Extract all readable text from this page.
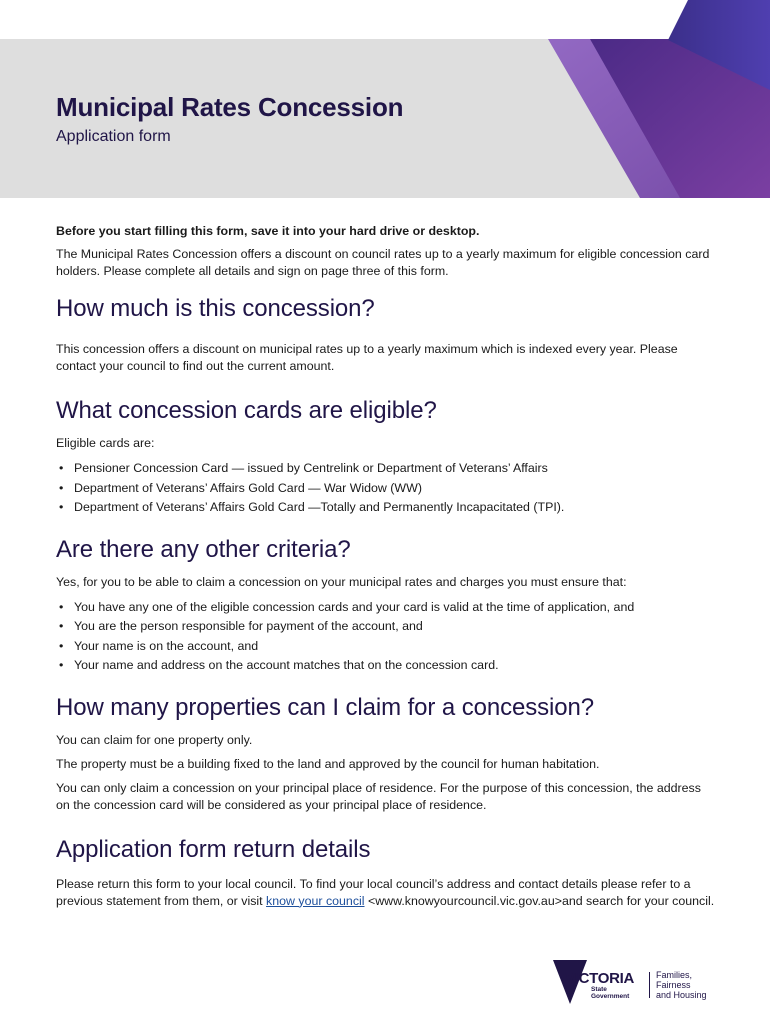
Municipal Rates Concession
Application form

Before you start filling this form, save it into your hard drive or desktop.

The Municipal Rates Concession offers a discount on council rates up to a yearly maximum for eligible concession card holders. Please complete all details and sign on page three of this form.

How much is this concession?

This concession offers a discount on municipal rates up to a yearly maximum which is indexed every year. Please contact your council to find out the current amount.

What concession cards are eligible?

Eligible cards are:

• Pensioner Concession Card — issued by Centrelink or Department of Veterans’ Affairs
• Department of Veterans’ Affairs Gold Card — War Widow (WW)
• Department of Veterans’ Affairs Gold Card —Totally and Permanently Incapacitated (TPI).
Are there any other criteria?

Yes, for you to be able to claim a concession on your municipal rates and charges you must ensure that:

• You have any one of the eligible concession cards and your card is valid at the time of application, and
• You are the person responsible for payment of the account, and
• Your name is on the account, and
• Your name and address on the account matches that on the concession card.
How many properties can I claim for a concession?

You can claim for one property only.

The property must be a building fixed to the land and approved by the council for human habitation.

You can only claim a concession on your principal place of residence. For the purpose of this concession, the address on the concession card will be considered as your principal place of residence.

Application form return details

Please return this form to your local council. To find your local council’s address and contact details please refer to a previous statement from them, or visit know your council <www.knowyourcouncil.vic.gov.au>and search for your council.

VICTORIA
State
Government
Families,
Fairness
and Housing
